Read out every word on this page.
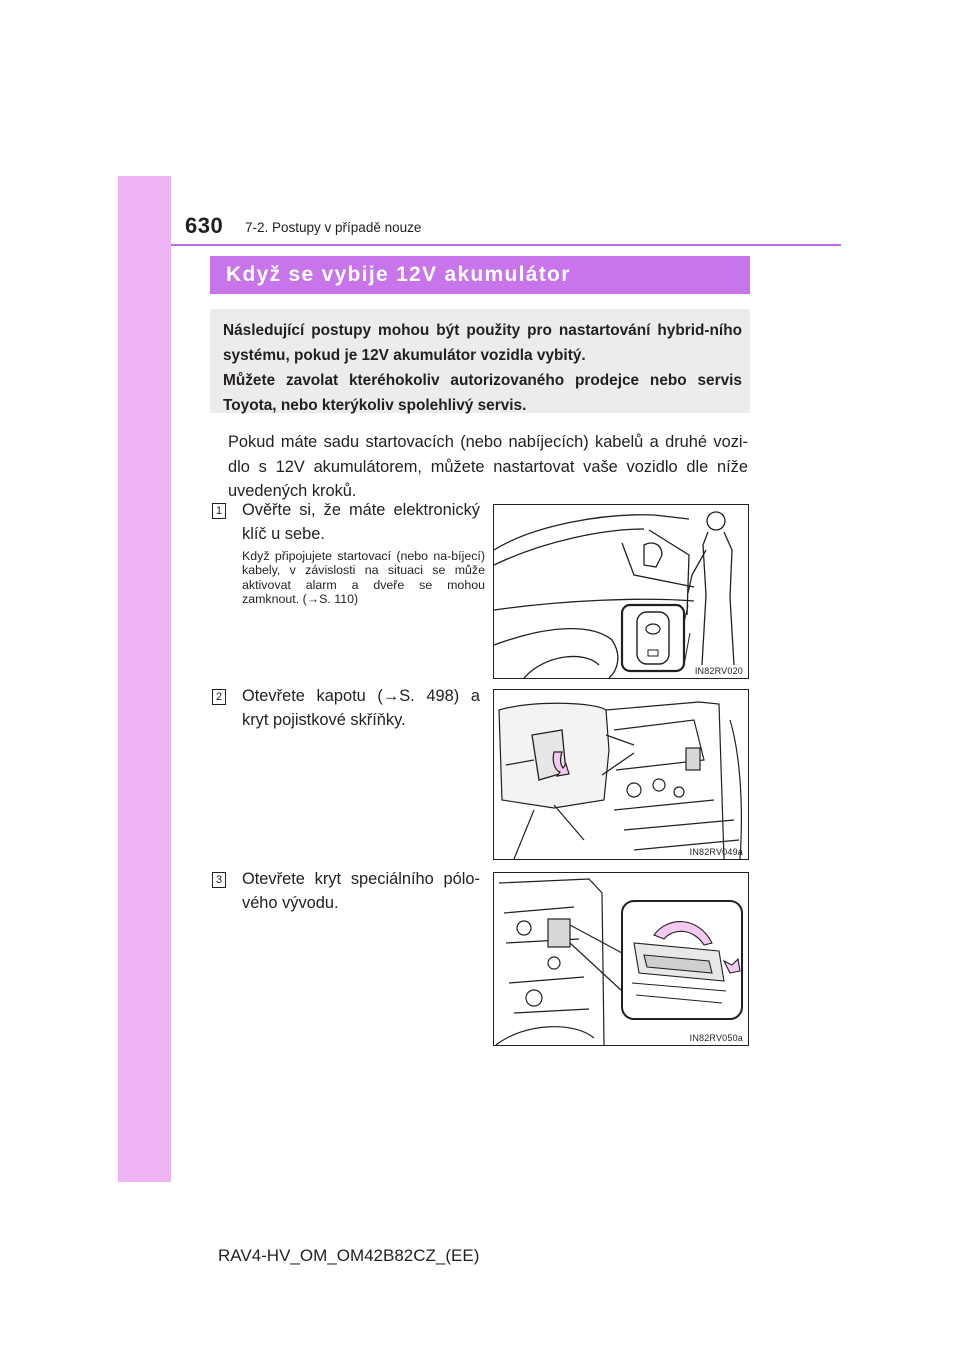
630 7-2. Postupy v případě nouze
Když se vybije 12V akumulátor

Následující postupy mohou být použity pro nastartování hybrid-ního systému, pokud je 12V akumulátor vozidla vybitý.

Můžete zavolat kteréhokoliv autorizovaného prodejce nebo servis Toyota, nebo kterýkoliv spolehlivý servis.

Pokud máte sadu startovacích (nebo nabíjecích) kabelů a druhé vozi-dlo s 12V akumulátorem, můžete nastartovat vaše vozidlo dle níže uvedených kroků.

1 Ověřte si, že máte elektronický klíč u sebe.

Když připojujete startovací (nebo na-bíjecí) kabely, v závislosti na situaci se může aktivovat alarm a dveře se mohou zamknout. (→S. 110)

IN82RV020
2 Otevřete kapotu (→S. 498) a kryt pojistkové skříňky.

IN82RV049a
3 Otevřete kryt speciálního pólo-vého vývodu.

IN82RV050a
RAV4-HV_OM_OM42B82CZ_(EE)
